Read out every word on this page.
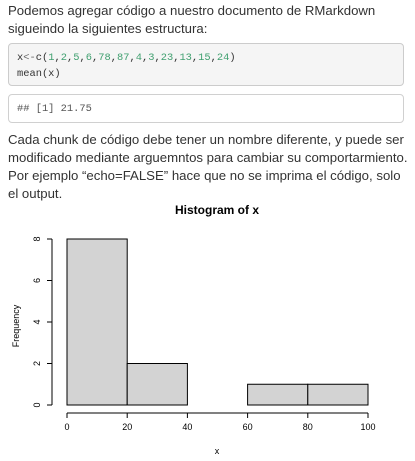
Podemos agregar código a nuestro documento de RMarkdown sigueindo la siguientes estructura:

x<-c(1,2,5,6,78,87,4,3,23,13,15,24)
mean(x)
## [1] 21.75

Cada chunk de código debe tener un nombre diferente, y puede ser modificado mediante arguemntos para cambiar su comportarmiento. Por ejemplo “echo=FALSE” hace que no se imprima el código, solo el output.

Histogram of x
0	20	40	60	80	100
0
2
4
6
8
x
Frequency
